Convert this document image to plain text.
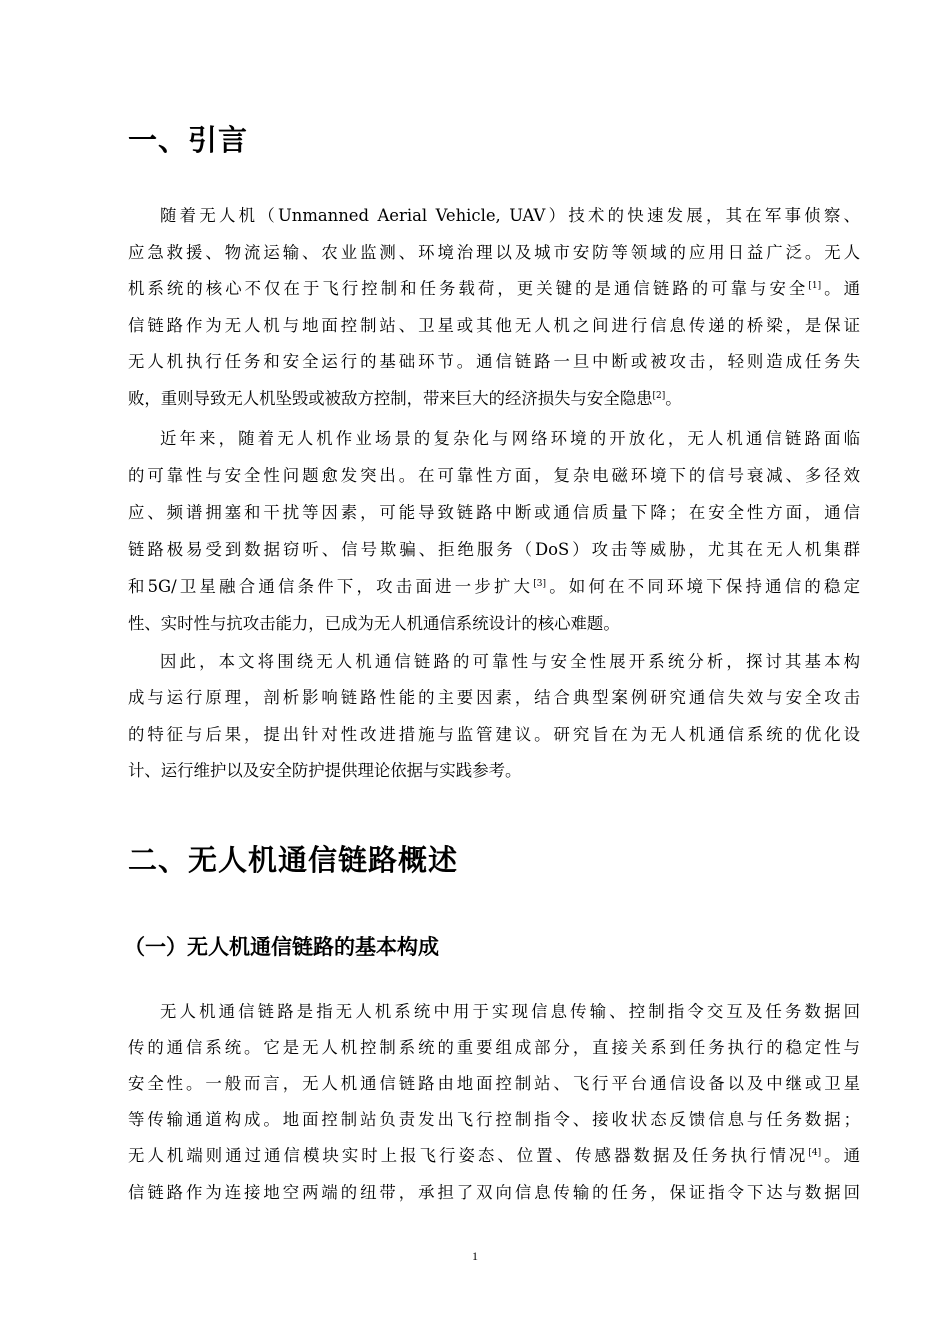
一、引言
随着无人机（Unmanned Aerial Vehicle, UAV）技术的快速发展，其在军事侦察、
应急救援、物流运输、农业监测、环境治理以及城市安防等领域的应用日益广泛。无人
机系统的核心不仅在于飞行控制和任务载荷，更关键的是通信链路的可靠与安全[1]。通
信链路作为无人机与地面控制站、卫星或其他无人机之间进行信息传递的桥梁，是保证
无人机执行任务和安全运行的基础环节。通信链路一旦中断或被攻击，轻则造成任务失
败，重则导致无人机坠毁或被敌方控制，带来巨大的经济损失与安全隐患[2]。
近年来，随着无人机作业场景的复杂化与网络环境的开放化，无人机通信链路面临
的可靠性与安全性问题愈发突出。在可靠性方面，复杂电磁环境下的信号衰减、多径效
应、频谱拥塞和干扰等因素，可能导致链路中断或通信质量下降；在安全性方面，通信
链路极易受到数据窃听、信号欺骗、拒绝服务（DoS）攻击等威胁，尤其在无人机集群
和5G/卫星融合通信条件下，攻击面进一步扩大[3]。如何在不同环境下保持通信的稳定
性、实时性与抗攻击能力，已成为无人机通信系统设计的核心难题。
因此，本文将围绕无人机通信链路的可靠性与安全性展开系统分析，探讨其基本构
成与运行原理，剖析影响链路性能的主要因素，结合典型案例研究通信失效与安全攻击
的特征与后果，提出针对性改进措施与监管建议。研究旨在为无人机通信系统的优化设
计、运行维护以及安全防护提供理论依据与实践参考。
二、无人机通信链路概述
（一）无人机通信链路的基本构成
无人机通信链路是指无人机系统中用于实现信息传输、控制指令交互及任务数据回
传的通信系统。它是无人机控制系统的重要组成部分，直接关系到任务执行的稳定性与
安全性。一般而言，无人机通信链路由地面控制站、飞行平台通信设备以及中继或卫星
等传输通道构成。地面控制站负责发出飞行控制指令、接收状态反馈信息与任务数据；
无人机端则通过通信模块实时上报飞行姿态、位置、传感器数据及任务执行情况[4]。通
信链路作为连接地空两端的纽带，承担了双向信息传输的任务，保证指令下达与数据回
1
